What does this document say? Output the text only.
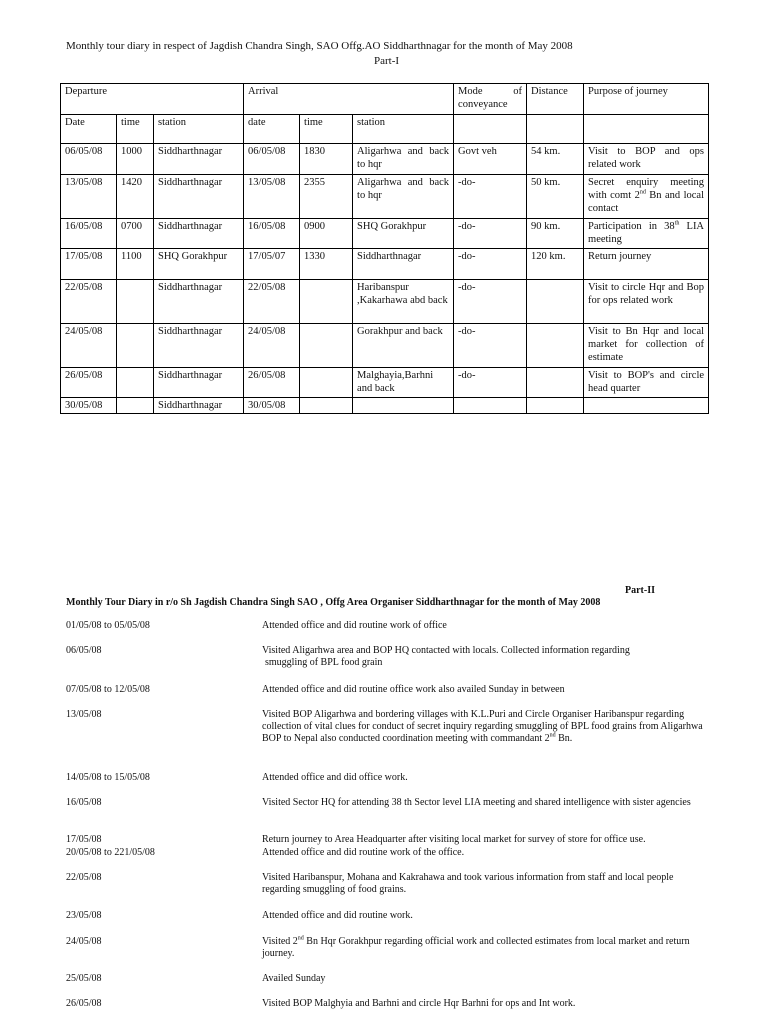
Monthly tour diary in respect of Jagdish Chandra Singh, SAO Offg.AO Siddharthnagar for the month of May 2008
Part-I
Departure			Arrival			Mode of conveyance	Distance	Purpose of journey
Date	time	station	date	time	station			
06/05/08	1000	Siddharthnagar	06/05/08	1830	Aligarhwa and back to hqr	Govt veh	54 km.	Visit to BOP and ops related work
13/05/08	1420	Siddharthnagar	13/05/08	2355	Aligarhwa and back to hqr	-do-	50 km.	Secret enquiry meeting with comt 2nd Bn and local contact
16/05/08	0700	Siddharthnagar	16/05/08	0900	SHQ Gorakhpur	-do-	90 km.	Participation in 38th LIA meeting
17/05/08	1100	SHQ Gorakhpur	17/05/07	1330	Siddharthnagar	-do-	120 km.	Return journey
22/05/08		Siddharthnagar	22/05/08		Haribanspur ,Kakarhawa abd back	-do-		Visit to circle Hqr and Bop for ops related work
24/05/08		Siddharthnagar	24/05/08		Gorakhpur and back	-do-		Visit to Bn Hqr and local market for collection of estimate
26/05/08		Siddharthnagar	26/05/08		Malghayia,Barhni and back	-do-		Visit to BOP's and circle head quarter
30/05/08		Siddharthnagar	30/05/08					
Part-II
Monthly Tour Diary in r/o Sh Jagdish Chandra Singh SAO , Offg Area Organiser Siddharthnagar for the month of May 2008
01/05/08 to 05/05/08	Attended office and did routine work of office
06/05/08	Visited Aligarhwa area and BOP HQ contacted with locals. Collected information regarding
smuggling of BPL food grain
07/05/08 to 12/05/08	Attended office and did routine office work also availed Sunday in between
13/05/08	Visited BOP Aligarhwa and bordering villages with K.L.Puri and Circle Organiser Haribanspur regarding collection of vital clues for conduct of secret inquiry regarding smuggling of BPL food grains from Aligarhwa BOP to Nepal also conducted coordination meeting with commandant 2nd Bn.
14/05/08 to 15/05/08	Attended office and did office work.
16/05/08	Visited Sector HQ for attending 38 th Sector level LIA meeting and shared intelligence with sister agencies
17/05/08	Return journey to Area Headquarter after visiting local market for survey of store for office use.
20/05/08 to 221/05/08	Attended office and did routine work of the office.
22/05/08	Visited Haribanspur, Mohana and Kakrahawa and took various information from staff and local people regarding smuggling of food grains.
23/05/08	Attended office and did routine work.
24/05/08	Visited 2nd Bn Hqr Gorakhpur regarding official work and collected estimates from local market and return journey.
25/05/08	Availed Sunday
26/05/08	Visited BOP Malghyia and Barhni and circle Hqr Barhni for ops and Int work.
